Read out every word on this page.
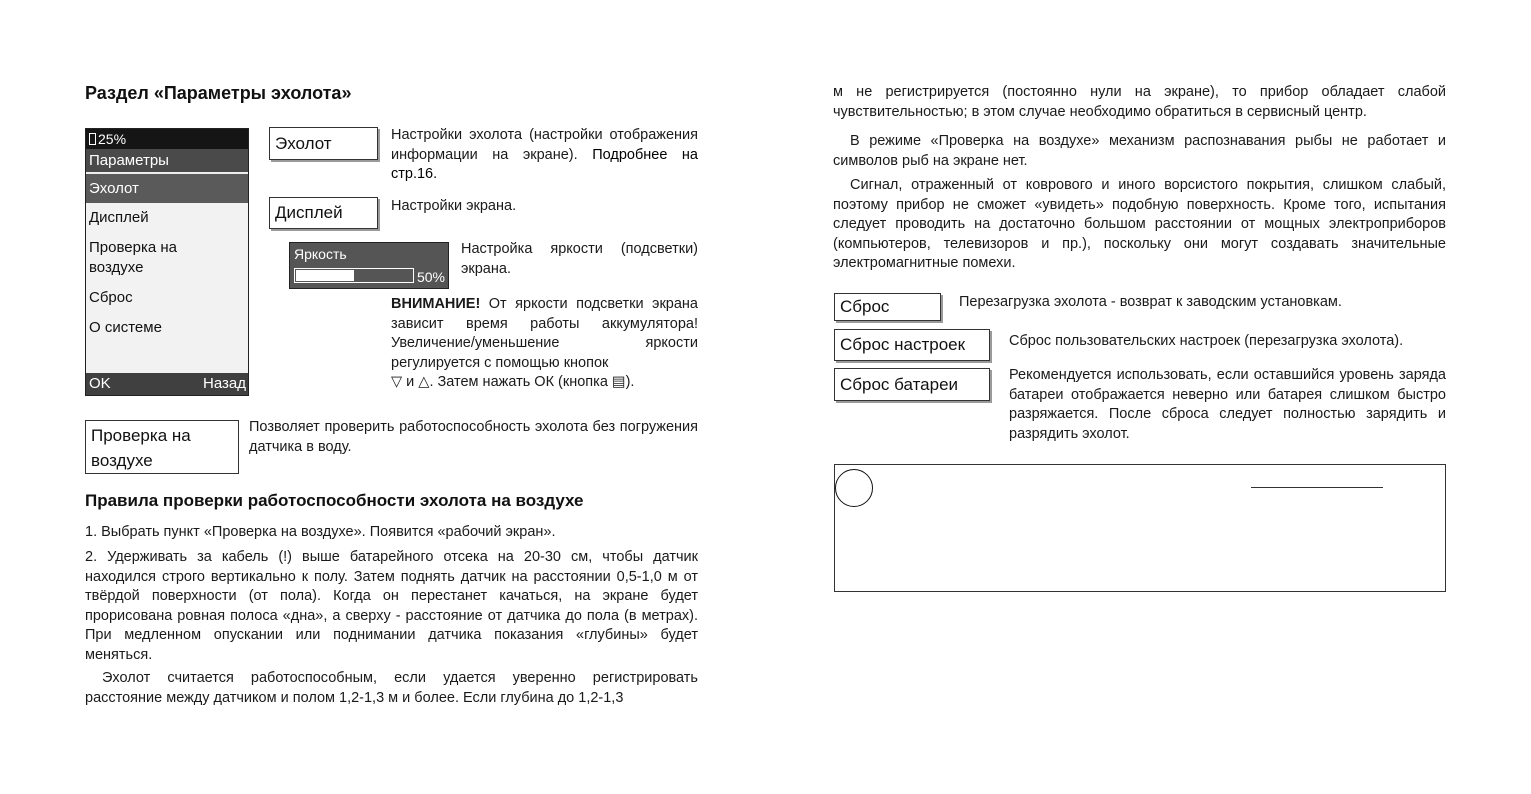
Раздел «Параметры эхолота»
25%
Параметры
Эхолот
Дисплей
Проверка на воздухе
Сброс
О системе
OK	Назад
Эхолот	Настройки эхолота (настройки отображения информации на экране). Подробнее на стр.16.
Дисплей	Настройки экрана.
Яркость
50%
Настройка яркости (подсветки) экрана.
ВНИМАНИЕ! От яркости подсветки экрана зависит время работы аккумулятора! Увеличение/уменьшение яркости регулируется с помощью кнопок
▽ и △. Затем нажать ОК (кнопка ▤).
Проверка на воздухе
Позволяет проверить работоспособность эхолота без погружения датчика в воду.
Правила проверки работоспособности эхолота на воздухе
1. Выбрать пункт «Проверка на воздухе». Появится «рабочий экран».
2. Удерживать за кабель (!) выше батарейного отсека на 20-30 см, чтобы датчик находился строго вертикально к полу. Затем поднять датчик на расстоянии 0,5-1,0 м от твёрдой поверхности (от пола). Когда он перестанет качаться, на экране будет прорисована ровная полоса «дна», а сверху - расстояние от датчика до пола (в метрах). При медленном опускании или поднимании датчика показания «глубины» будет меняться.
Эхолот считается работоспособным, если удается уверенно регистрировать расстояние между датчиком и полом 1,2-1,3 м и более. Если глубина до 1,2-1,3
м не регистрируется (постоянно нули на экране), то прибор обладает слабой чувствительностью; в этом случае необходимо обратиться в сервисный центр.
В режиме «Проверка на воздухе» механизм распознавания рыбы не работает и символов рыб на экране нет.
Сигнал, отраженный от коврового и иного ворсистого покрытия, слишком слабый, поэтому прибор не сможет «увидеть» подобную поверхность. Кроме того, испытания следует проводить на достаточно большом расстоянии от мощных электроприборов (компьютеров, телевизоров и пр.), поскольку они могут создавать значительные электромагнитные помехи.
Сброс	Перезагрузка эхолота - возврат к заводским установкам.
Сброс настроек	Сброс пользовательских настроек (перезагрузка эхолота).
Сброс батареи	Рекомендуется использовать, если оставшийся уровень заряда батареи отображается неверно или батарея слишком быстро разряжается. После сброса следует полностью зарядить и разрядить эхолот.
